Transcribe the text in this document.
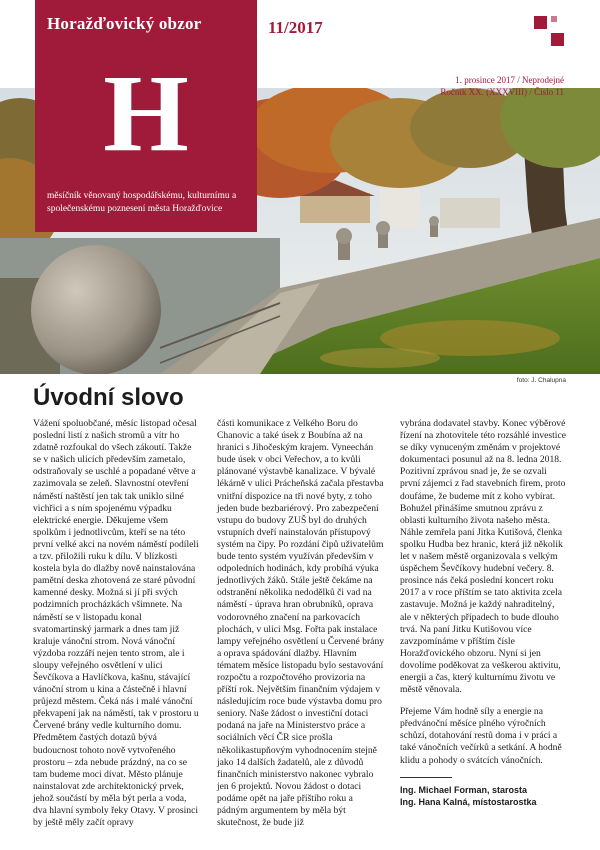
Horažďovický obzor
H
měsíčník věnovaný hospodářskému, kulturnímu a společenskému poznesení města Horažďovice
11/2017
1. prosince 2017 / Neprodejné
Ročník XX. (XXXVIII) / Číslo 11
foto: J. Chalupna
Úvodní slovo

Vážení spoluobčané, měsíc listopad očesal poslední listí z našich stromů a vítr ho zdatně rozfoukal do všech zákoutí. Takže se v našich ulicích především zametalo, odstraňovaly se uschlé a popadané větve a zazimovala se zeleň. Slavnostní otevření náměstí naštěstí jen tak tak uniklo silné vichřici a s ním spojenému výpadku elektrické energie. Děkujeme všem spolkům i jednotlivcům, kteří se na této první velké akci na novém náměstí podíleli a tzv. přiložili ruku k dílu. V blízkosti kostela byla do dlažby nově nainstalována pamětní deska zhotovená ze staré původní kamenné desky. Možná si jí při svých podzimních procházkách všimnete. Na náměstí se v listopadu konal svatomartinský jarmark a dnes tam již kraluje vánoční strom. Nová vánoční výzdoba rozzáří nejen tento strom, ale i sloupy veřejného osvětlení v ulici Ševčíkova a Havlíčkova, kašnu, stávající vánoční strom u kina a částečně i hlavní průjezd městem. Čeká nás i malé vánoční překvapení jak na náměstí, tak v prostoru u Červené brány vedle kulturního domu. Předmětem častých dotazů bývá budoucnost tohoto nově vytvořeného prostoru – zda nebude prázdný, na co se tam budeme moci dívat. Město plánuje nainstalovat zde architektonický prvek, jehož součástí by měla být perla a voda, dva hlavní symboly řeky Otavy. V prosinci by ještě měly začít opravy

části komunikace z Velkého Boru do Chanovic a také úsek z Boubína až na hranici s Jihočeským krajem. Vyneechán bude úsek v obci Veřechov, a to kvůli plánované výstavbě kanalizace. V bývalé lékárně v ulici Prácheňská začala přestavba vnitřní dispozice na tři nové byty, z toho jeden bude bezbariérový. Pro zabezpečení vstupu do budovy ZUŠ byl do druhých vstupních dveří nainstalován přístupový systém na čipy. Po rozdání čipů uživatelům bude tento systém využíván především v odpoledních hodinách, kdy probíhá výuka jednotlivých žáků. Stále ještě čekáme na odstranění několika nedodělků či vad na náměstí - úprava hran obrubníků, oprava vodorovného značení na parkovacích plochách, v ulici Msg. Fořta pak instalace lampy veřejného osvětlení u Červené brány a oprava spádování dlažby. Hlavním tématem měsíce listopadu bylo sestavování rozpočtu a rozpočtového provizoria na příští rok. Největším finančním výdajem v následujícím roce bude výstavba domu pro seniory. Naše žádost o investiční dotaci podaná na jaře na Ministerstvo práce a sociálních věcí ČR sice prošla několikastupňovým vyhodnocením stejně jako 14 dalších žadatelů, ale z důvodů finančních ministerstvo nakonec vybralo jen 6 projektů. Novou žádost o dotaci podáme opět na jaře příštího roku a pádným argumentem by měla být skutečnost, že bude již

vybrána dodavatel stavby. Konec výběrové řízení na zhotovitele této rozsáhlé investice se díky vynuceným změnám v projektové dokumentaci posunul až na 8. ledna 2018. Pozitivní zprávou snad je, že se ozvali první zájemci z řad stavebních firem, proto doufáme, že budeme mít z koho vybírat.

Bohužel přinášíme smutnou zprávu z oblasti kulturního života našeho města. Náhle zemřela paní Jitka Kutišová, členka spolku Hudba bez hranic, která již několik let v našem městě organizovala s velkým úspěchem Ševčíkovy hudební večery. 8. prosince nás čeká poslední koncert roku 2017 a v roce příštím se tato aktivita zcela zastavuje. Možná je každý nahraditelný, ale v některých případech to bude dlouho trvá. Na paní Jitku Kutišovou více zavzpomínáme v příštím čísle Horažďovického obzoru. Nyní si jen dovolíme poděkovat za veškerou aktivitu, energii a čas, který kulturnímu životu ve městě věnovala.

Přejeme Vám hodně síly a energie na předvánoční měsíce plného výročních schůzí, dotahování restů doma i v práci a také vánočních večírků a setkání. A hodně klidu a pohody o svátcích vánočních.

Ing. Michael Forman, starosta
Ing. Hana Kalná, místostarostka
